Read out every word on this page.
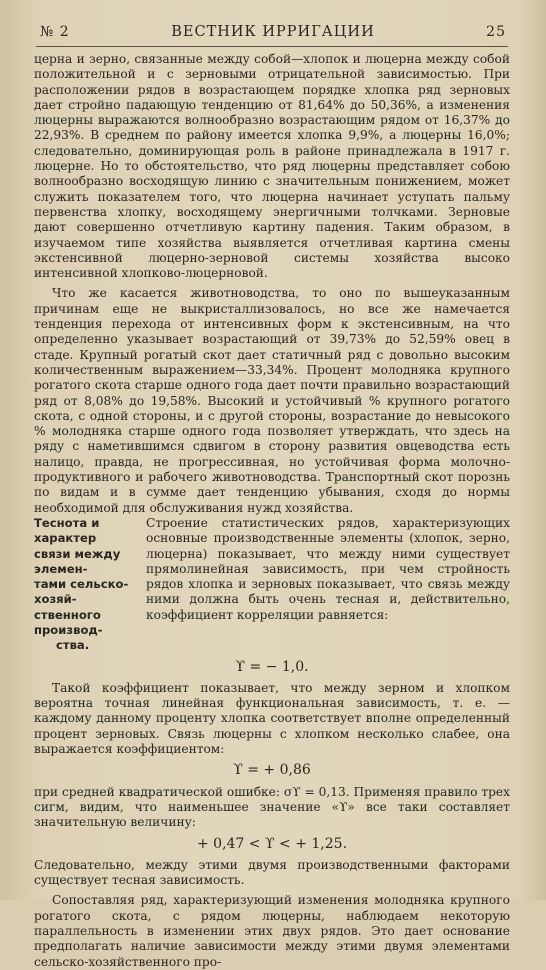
№ 2	ВЕСТНИК ИРРИГАЦИИ	25

церна и зерно, связанные между собой—хлопок и люцерна между собой положительной и с зерновыми отрицательной зависимостью. При расположении рядов в возрастающем порядке хлопка ряд зерновых дает стройно падающую тенденцию от 81,64% до 50,36%, а изменения люцерны выражаются волнообразно возрастающим рядом от 16,37% до 22,93%. В среднем по району имеется хлопка 9,9%, а люцерны 16,0%; следовательно, доминирующая роль в районе принадлежала в 1917 г. люцерне. Но то обстоятельство, что ряд люцерны представляет собою волнообразно восходящую линию с значительным понижением, может служить показателем того, что люцерна начинает уступать пальму первенства хлопку, восходящему энергичными толчками. Зерновые дают совершенно отчетливую картину падения. Таким образом, в изучаемом типе хозяйства выявляется отчетливая картина смены экстенсивной люцерно-зерновой системы хозяйства высоко интенсивной хлопково-люцерновой.

Что же касается животноводства, то оно по вышеуказанным причинам еще не выкристаллизовалось, но все же намечается тенденция перехода от интенсивных форм к экстенсивным, на что определенно указывает возрастающий от 39,73% до 52,59% овец в стаде. Крупный рогатый скот дает статичный ряд с довольно высоким количественным выражением—33,34%. Процент молодняка крупного рогатого скота старше одного года дает почти правильно возрастающий ряд от 8,08% до 19,58%. Высокий и устойчивый % крупного рогатого скота, с одной стороны, и с другой стороны, возрастание до невысокого % молодняка старше одного года позволяет утверждать, что здесь на ряду с наметившимся сдвигом в сторону развития овцеводства есть налицо, правда, не прогрессивная, но устойчивая форма молочно-продуктивного и рабочего животноводства. Транспортный скот порознь по видам и в сумме дает тенденцию убывания, сходя до нормы необходимой для обслуживания нужд хозяйства.

Теснота и характер
связи между элемен-
тами сельско-хозяй-
ственного производ-
ства.

Строение статистических рядов, характеризующих основные производственные элементы (хлопок, зерно, люцерна) показывает, что между ними существует прямолинейная зависимость, при чем стройность рядов хлопка и зерновых показывает, что связь между ними должна быть очень тесная и, действительно, коэффициент корреляции равняется:

ϒ = − 1,0.

Такой коэффициент показывает, что между зерном и хлопком вероятна точная линейная функциональная зависимость, т. е. — каждому данному проценту хлопка соответствует вполне определенный процент зерновых. Связь люцерны с хлопком несколько слабее, она выражается коэффициентом:

ϒ = + 0,86

при средней квадратической ошибке: σϒ = 0,13. Применяя правило трех сигм, видим, что наименьшее значение «ϒ» все таки составляет значительную величину:

+ 0,47 < ϒ < + 1,25.

Следовательно, между этими двумя производственными факторами существует тесная зависимость.

Сопоставляя ряд, характеризующий изменения молодняка крупного рогатого скота, с рядом люцерны, наблюдаем некоторую параллельность в изменении этих двух рядов. Это дает основание предполагать наличие зависимости между этими двумя элементами сельско-хозяйственного про-
